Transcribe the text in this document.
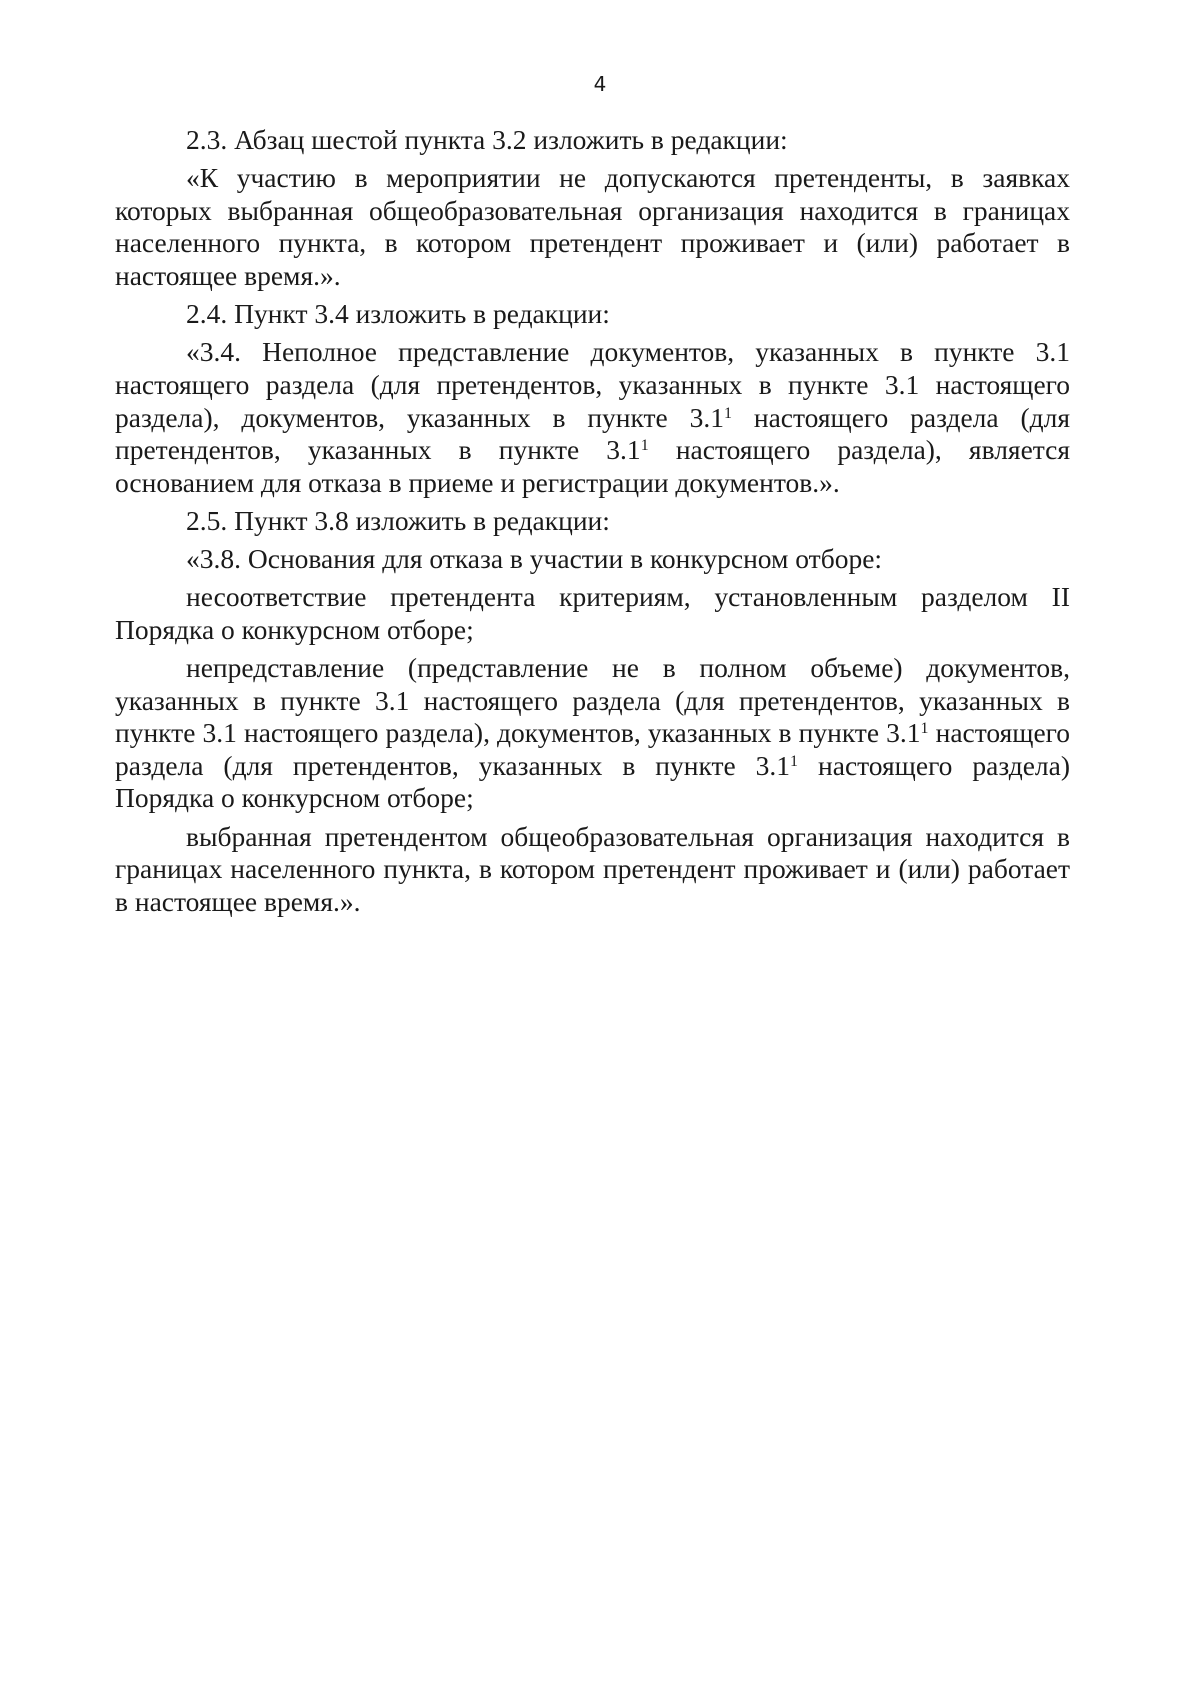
4

2.3. Абзац шестой пункта 3.2 изложить в редакции:

«К участию в мероприятии не допускаются претенденты, в заявках которых выбранная общеобразовательная организация находится в границах населенного пункта, в котором претендент проживает и (или) работает в настоящее время.».

2.4. Пункт 3.4 изложить в редакции:

«3.4. Неполное представление документов, указанных в пункте 3.1 настоящего раздела (для претендентов, указанных в пункте 3.1 настоящего раздела), документов, указанных в пункте $3.1^1$ настоящего раздела (для претендентов, указанных в пункте $3.1^1$ настоящего раздела), является основанием для отказа в приеме и регистрации документов.».

2.5. Пункт 3.8 изложить в редакции:

«3.8. Основания для отказа в участии в конкурсном отборе:

несоответствие претендента критериям, установленным разделом II Порядка о конкурсном отборе;

непредставление (представление не в полном объеме) документов, указанных в пункте 3.1 настоящего раздела (для претендентов, указанных в пункте 3.1 настоящего раздела), документов, указанных в пункте $3.1^1$ настоящего раздела (для претендентов, указанных в пункте $3.1^1$ настоящего раздела) Порядка о конкурсном отборе;

выбранная претендентом общеобразовательная организация находится в границах населенного пункта, в котором претендент проживает и (или) работает в настоящее время.».
